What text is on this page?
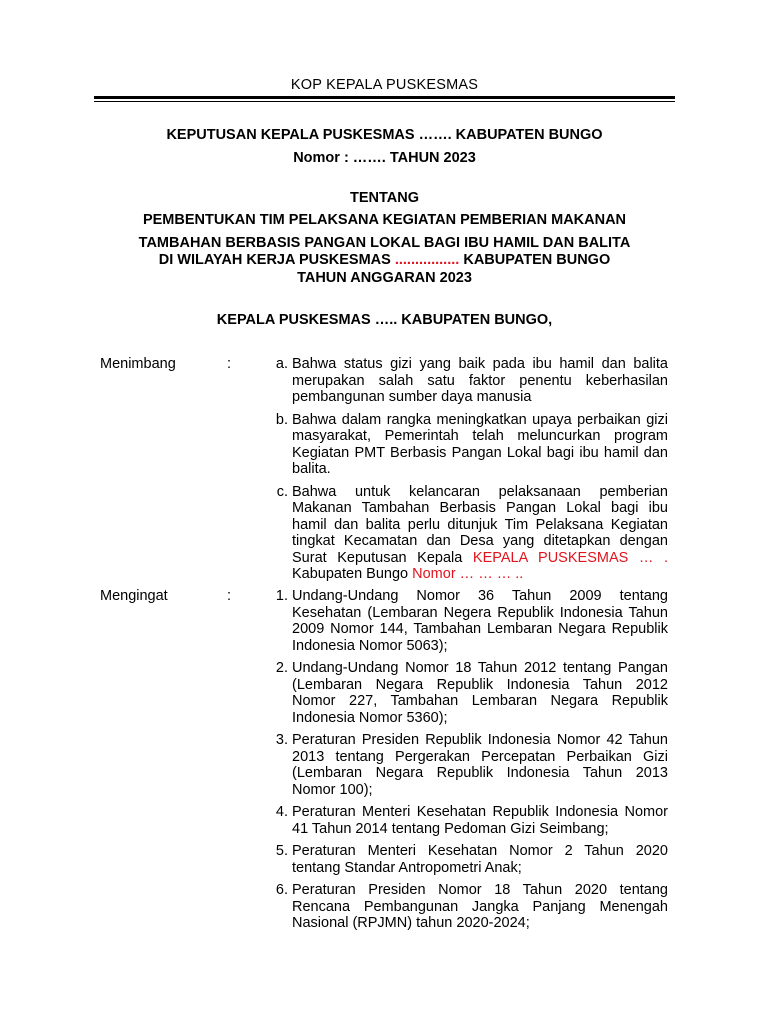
KOP KEPALA PUSKESMAS
KEPUTUSAN KEPALA PUSKESMAS ……. KABUPATEN BUNGO
Nomor : ……. TAHUN 2023
TENTANG
PEMBENTUKAN TIM PELAKSANA KEGIATAN PEMBERIAN MAKANAN
TAMBAHAN BERBASIS PANGAN LOKAL BAGI IBU HAMIL DAN BALITA
DI WILAYAH KERJA PUSKESMAS ................ KABUPATEN BUNGO
TAHUN ANGGARAN 2023
KEPALA PUSKESMAS ….. KABUPATEN BUNGO,
Menimbang	:	a. Bahwa status gizi yang baik pada ibu hamil dan balita merupakan salah satu faktor penentu keberhasilan pembangunan sumber daya manusia
b. Bahwa dalam rangka meningkatkan upaya perbaikan gizi masyarakat, Pemerintah telah meluncurkan program Kegiatan PMT Berbasis Pangan Lokal bagi ibu hamil dan balita.
c. Bahwa untuk kelancaran pelaksanaan pemberian Makanan Tambahan Berbasis Pangan Lokal bagi ibu hamil dan balita perlu ditunjuk Tim Pelaksana Kegiatan tingkat Kecamatan dan Desa yang ditetapkan dengan Surat Keputusan Kepala KEPALA PUSKESMAS … . Kabupaten Bungo Nomor … … … ..
Mengingat	:	1. Undang-Undang Nomor 36 Tahun 2009 tentang Kesehatan (Lembaran Negera Republik Indonesia Tahun 2009 Nomor 144, Tambahan Lembaran Negara Republik Indonesia Nomor 5063);
2. Undang-Undang Nomor 18 Tahun 2012 tentang Pangan (Lembaran Negara Republik Indonesia Tahun 2012 Nomor 227, Tambahan Lembaran Negara Republik Indonesia Nomor 5360);
3. Peraturan Presiden Republik Indonesia Nomor 42 Tahun 2013 tentang Pergerakan Percepatan Perbaikan Gizi (Lembaran Negara Republik Indonesia Tahun 2013 Nomor 100);
4. Peraturan Menteri Kesehatan Republik Indonesia Nomor 41 Tahun 2014 tentang Pedoman Gizi Seimbang;
5. Peraturan Menteri Kesehatan Nomor 2 Tahun 2020 tentang Standar Antropometri Anak;
6. Peraturan Presiden Nomor 18 Tahun 2020 tentang Rencana Pembangunan Jangka Panjang Menengah Nasional (RPJMN) tahun 2020-2024;
